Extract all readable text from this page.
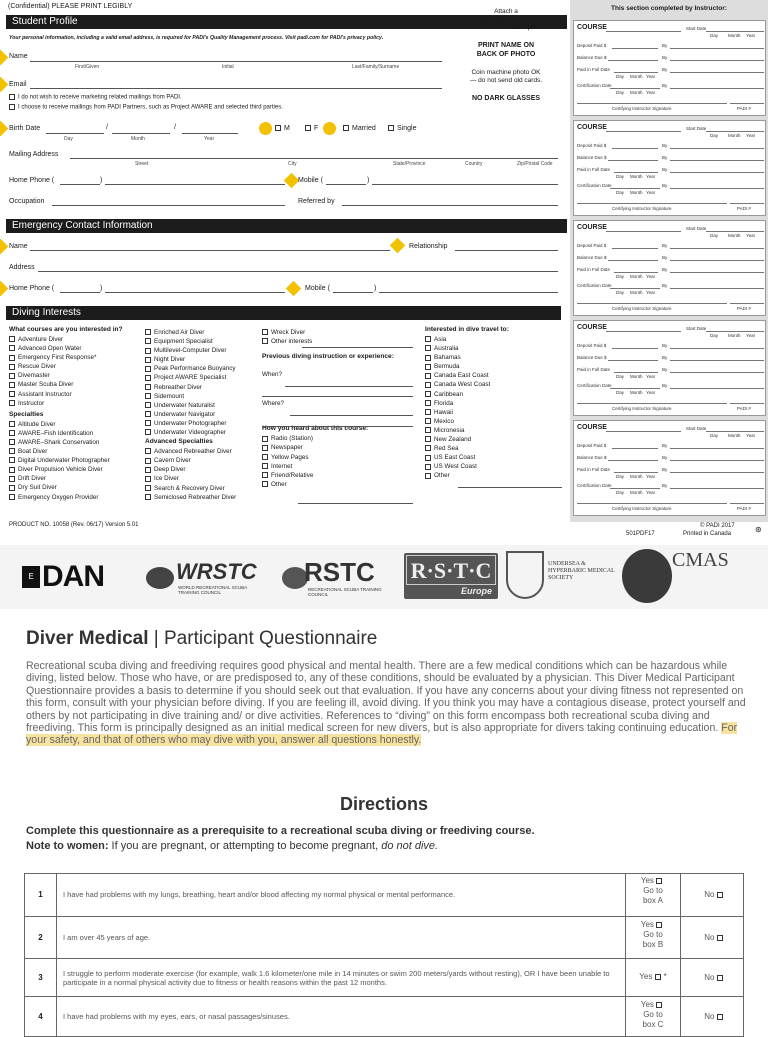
(Confidential) PLEASE PRINT LEGIBLY
Student Profile
Your personal information, including a valid email address, is required for PADI's Quality Management process. Visit padi.com for PADI's privacy policy.
Name
First/Given	Initial	Last/Family/Surname
Email
I do not wish to receive marketing related mailings from PADI.
I choose to receive mailings from PADI Partners, such as Project AWARE and selected third parties.
Birth Date	/	/
Day	Month	Year
M	F	Married	Single
Mailing Address
Street	City	State/Province	Country	Zip/Postal Code
Home Phone (	)	Mobile (	)
Occupation	Referred by
Emergency Contact Information
Name	Relationship
Address
Home Phone (	)	Mobile (	)
Diving Interests
What courses are you interested in?
Adventure Diver
Advanced Open Water
Emergency First Response*
Rescue Diver
Divemaster
Master Scuba Diver
Assistant Instructor
Instructor
Specialties
Altitude Diver
AWARE–Fish Identification
AWARE–Shark Conservation
Boat Diver
Digital Underwater Photographer
Diver Propulsion Vehicle Diver
Drift Diver
Dry Suit Diver
Emergency Oxygen Provider
Enriched Air Diver
Equipment Specialist
Multilevel-Computer Diver
Night Diver
Peak Performance Buoyancy
Project AWARE Specialist
Rebreather Diver
Sidemount
Underwater Naturalist
Underwater Navigator
Underwater Photographer
Underwater Videographer
Advanced Specialties
Advanced Rebreather Diver
Cavern Diver
Deep Diver
Ice Diver
Search & Recovery Diver
Semiclosed Rebreather Diver
Wreck Diver
Other interests
Previous diving instruction or experience:
When?
Where?
How you heard about this course:
Radio (Station)
Newspaper
Yellow Pages
Internet
Friend/Relative
Other
Interested in dive travel to:
Asia
Australia
Bahamas
Bermuda
Canada East Coast
Canada West Coast
Caribbean
Florida
Hawaii
Mexico
Micronesia
New Zealand
Red Sea
US East Coast
US West Coast
Other
PRODUCT NO. 10058 (Rev. 06/17) Version 5.01
501PDF17
© PADI 2017
Printed in Canada	⊛
Attach a
4.5 cm X 6 cm 1¾" X 2¼"
head-and-shoulders photo
PRINT NAME ON
BACK OF PHOTO
Coin machine photo OK
— do not send old cards.
NO DARK GLASSES
This section completed by Instructor:
COURSE	Start Date
Day Month Year
Deposit Paid $	By
Balance Due $	By
Paid in Full Date	By
Day Month Year
Certification Date	By
Day Month Year
Certifying Instructor Signature	PADI #
COURSE	Start Date
Day Month Year
Deposit Paid $	By
Balance Due $	By
Paid in Full Date	By
Day Month Year
Certification Date	By
Day Month Year
Certifying Instructor Signature	PADI #
COURSE	Start Date
Day Month Year
Deposit Paid $	By
Balance Due $	By
Paid in Full Date	By
Day Month Year
Certification Date	By
Day Month Year
Certifying Instructor Signature	PADI #
COURSE	Start Date
Day Month Year
Deposit Paid $	By
Balance Due $	By
Paid in Full Date	By
Day Month Year
Certification Date	By
Day Month Year
Certifying Instructor Signature	PADI #
COURSE	Start Date
Day Month Year
Deposit Paid $	By
Balance Due $	By
Paid in Full Date	By
Day Month Year
Certification Date	By
Day Month Year
Certifying Instructor Signature	PADI #
E DAN	WRSTC
WORLD RECREATIONAL SCUBA TRAINING COUNCIL
RSTC
RECREATIONAL SCUBA TRAINING COUNCIL
R·S·T·C
Europe
UNDERSEA & HYPERBARIC MEDICAL SOCIETY
CMAS
Diver Medical | Participant Questionnaire
Recreational scuba diving and freediving requires good physical and mental health. There are a few medical conditions which can be hazardous while diving, listed below. Those who have, or are predisposed to, any of these conditions, should be evaluated by a physician. This Diver Medical Participant Questionnaire provides a basis to determine if you should seek out that evaluation. If you have any concerns about your diving fitness not represented on this form, consult with your physician before diving. If you are feeling ill, avoid diving. If you think you may have a contagious disease, protect yourself and others by not participating in dive training and/ or dive activities. References to “diving” on this form encompass both recreational scuba diving and freediving. This form is principally designed as an initial medical screen for new divers, but is also appropriate for divers taking continuing education. For your safety, and that of others who may dive with you, answer all questions honestly.
Directions
Complete this questionnaire as a prerequisite to a recreational scuba diving or freediving course.
Note to women: If you are pregnant, or attempting to become pregnant, do not dive.
1	I have had problems with my lungs, breathing, heart and/or blood affecting my normal physical or mental performance.
Yes
Go to
box A
No

2	I am over 45 years of age.
Yes
Go to
box B
No

3	I struggle to perform moderate exercise (for example, walk 1.6 kilometer/one mile in 14 minutes or swim 200 meters/yards without resting), OR I have been unable to participate in a normal physical activity due to fitness or health reasons within the past 12 months.
Yes *	No

4	I have had problems with my eyes, ears, or nasal passages/sinuses.
Yes
Go to
box C
No
